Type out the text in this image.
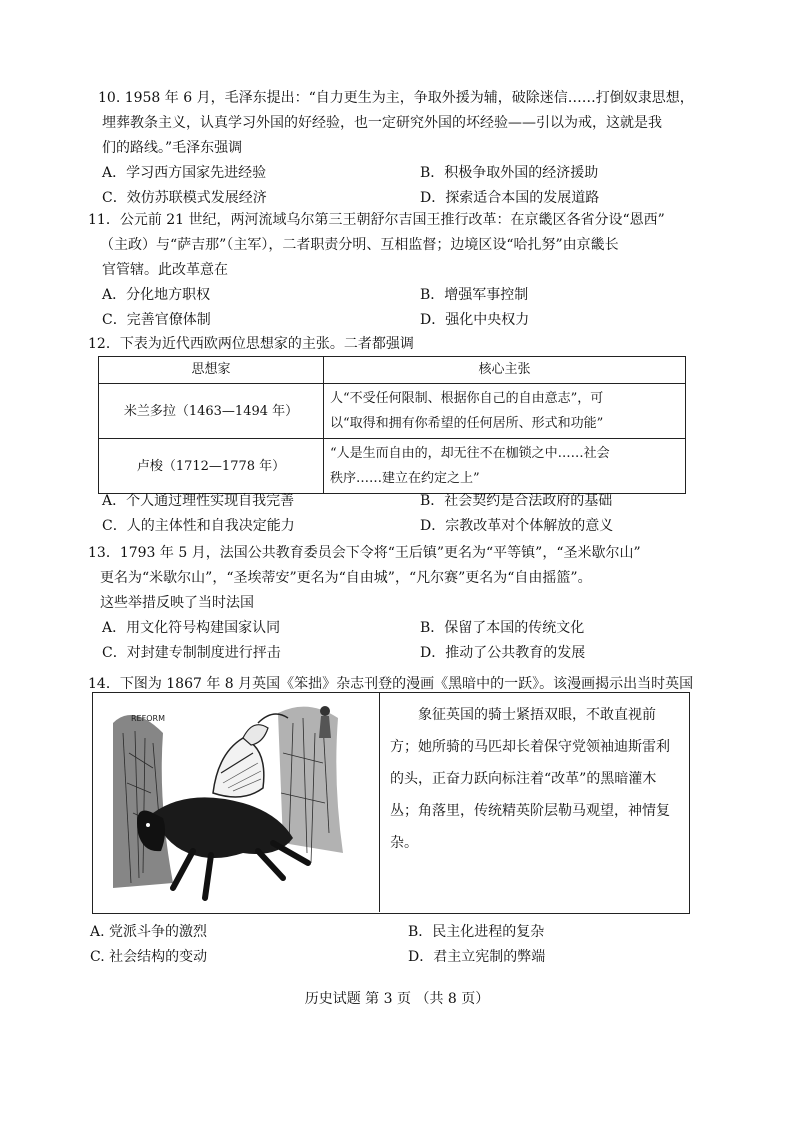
10. 1958 年 6 月，毛泽东提出：“自力更生为主，争取外援为辅，破除迷信……打倒奴隶思想，
埋葬教条主义，认真学习外国的好经验，也一定研究外国的坏经验——引以为戒，这就是我
们的路线。”毛泽东强调
A．学习西方国家先进经验	B．积极争取外国的经济援助
C．效仿苏联模式发展经济	D．探索适合本国的发展道路
11．公元前 21 世纪，两河流域乌尔第三王朝舒尔吉国王推行改革：在京畿区各省分设“恩西”
（主政）与“萨吉那”（主军），二者职责分明、互相监督；边境区设“哈扎努”由京畿长
官管辖。此改革意在
A．分化地方职权	B．增强军事控制
C．完善官僚体制	D．强化中央权力
12．下表为近代西欧两位思想家的主张。二者都强调
思想家	核心主张
米兰多拉（1463—1494 年）	人“不受任何限制、根据你自己的自由意志”，可
以“取得和拥有你希望的任何居所、形式和功能”

卢梭（1712—1778 年）	“人是生而自由的，却无往不在枷锁之中……社会
秩序……建立在约定之上”
A．个人通过理性实现自我完善	B．社会契约是合法政府的基础
C．人的主体性和自我决定能力	D．宗教改革对个体解放的意义
13．1793 年 5 月，法国公共教育委员会下令将“王后镇”更名为“平等镇”，“圣米歇尔山”
更名为“米歇尔山”，“圣埃蒂安”更名为“自由城”，“凡尔赛”更名为“自由摇篮”。
这些举措反映了当时法国
A．用文化符号构建国家认同	B．保留了本国的传统文化
C．对封建专制制度进行抨击	D．推动了公共教育的发展
14．下图为 1867 年 8 月英国《笨拙》杂志刊登的漫画《黑暗中的一跃》。该漫画揭示出当时英国
REFORM	象征英国的骑士紧捂双眼，不敢直视前方；她所骑的马匹却长着保守党领袖迪斯雷利的头，正奋力跃向标注着“改革”的黑暗灌木丛；角落里，传统精英阶层勒马观望，神情复杂。
A. 党派斗争的激烈	B．民主化进程的复杂
C. 社会结构的变动	D．君主立宪制的弊端
历史试题 第 3 页 （共 8 页）
